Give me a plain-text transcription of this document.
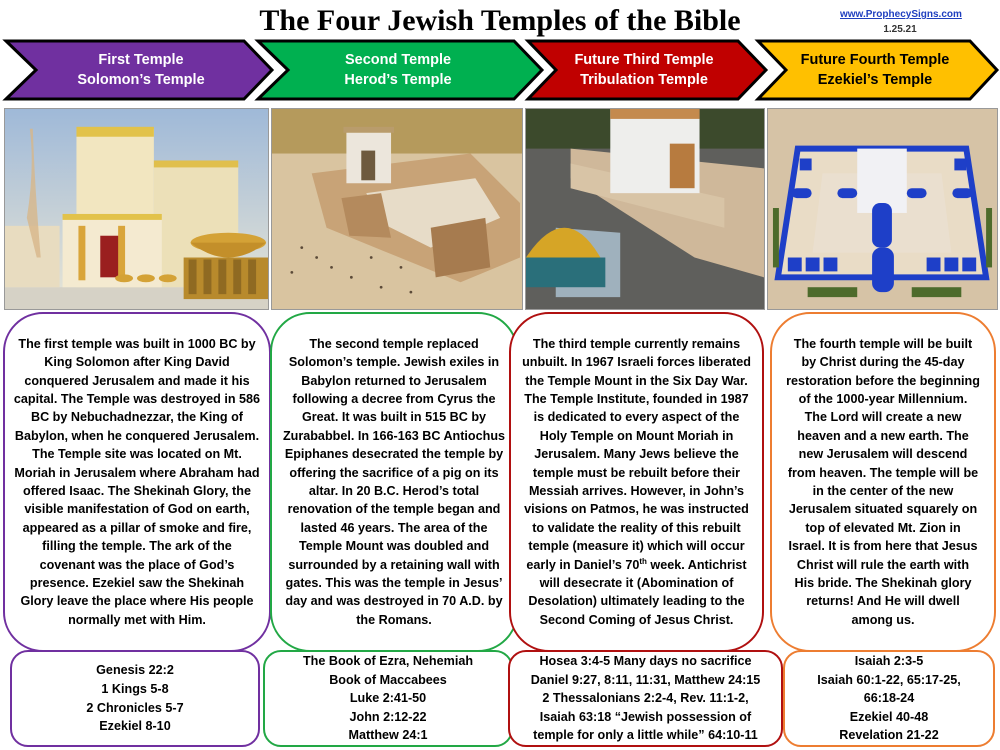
The Four Jewish Temples of the Bible	www.ProphecySigns.com
1.25.21
First Temple
Solomon’s Temple
Second Temple
Herod’s Temple
Future Third Temple
Tribulation Temple
Future Fourth Temple
Ezekiel’s Temple
The first temple was built in 1000 BC by King Solomon after King David conquered Jerusalem and made it his capital. The Temple was destroyed in 586 BC by Nebuchadnezzar, the King of Babylon, when he conquered Jerusalem. The Temple site was located on Mt. Moriah in Jerusalem where Abraham had offered Isaac. The Shekinah Glory, the visible manifestation of God on earth, appeared as a pillar of smoke and fire, filling the temple. The ark of the covenant was the place of God’s presence. Ezekiel saw the Shekinah Glory leave the place where His people normally met with Him.
The second temple replaced Solomon’s temple. Jewish exiles in Babylon returned to Jerusalem following a decree from Cyrus the Great. It was built in 515 BC by Zurababbel. In 166-163 BC Antiochus Epiphanes desecrated the temple by offering the sacrifice of a pig on its altar. In 20 B.C. Herod’s total renovation of the temple began and lasted 46 years. The area of the Temple Mount was doubled and surrounded by a retaining wall with gates. This was the temple in Jesus’ day and was destroyed in 70 A.D. by the Romans.
The third temple currently remains unbuilt. In 1967 Israeli forces liberated the Temple Mount in the Six Day War. The Temple Institute, founded in 1987 is dedicated to every aspect of the Holy Temple on Mount Moriah in Jerusalem. Many Jews believe the temple must be rebuilt before their Messiah arrives. However, in John’s visions on Patmos, he was instructed to validate the reality of this rebuilt temple (measure it) which will occur early in Daniel’s 70th week. Antichrist will desecrate it (Abomination of Desolation) ultimately leading to the Second Coming of Jesus Christ.
The fourth temple will be built by Christ during the 45-day restoration before the beginning of the 1000-year Millennium. The Lord will create a new heaven and a new earth. The new Jerusalem will descend from heaven. The temple will be in the center of the new Jerusalem situated squarely on top of elevated Mt. Zion in Israel. It is from here that Jesus Christ will rule the earth with His bride. The Shekinah glory returns! And He will dwell among us.
Genesis 22:2
1 Kings 5-8
2 Chronicles 5-7
Ezekiel 8-10
The Book of Ezra, Nehemiah
Book of Maccabees
Luke 2:41-50
John 2:12-22
Matthew 24:1
Hosea 3:4-5 Many days no sacrifice
Daniel 9:27, 8:11, 11:31, Matthew 24:15
2 Thessalonians 2:2-4, Rev. 11:1-2,
Isaiah 63:18 “Jewish possession of
temple for only a little while” 64:10-11
Isaiah 2:3-5
Isaiah 60:1-22, 65:17-25,
66:18-24
Ezekiel 40-48
Revelation 21-22
